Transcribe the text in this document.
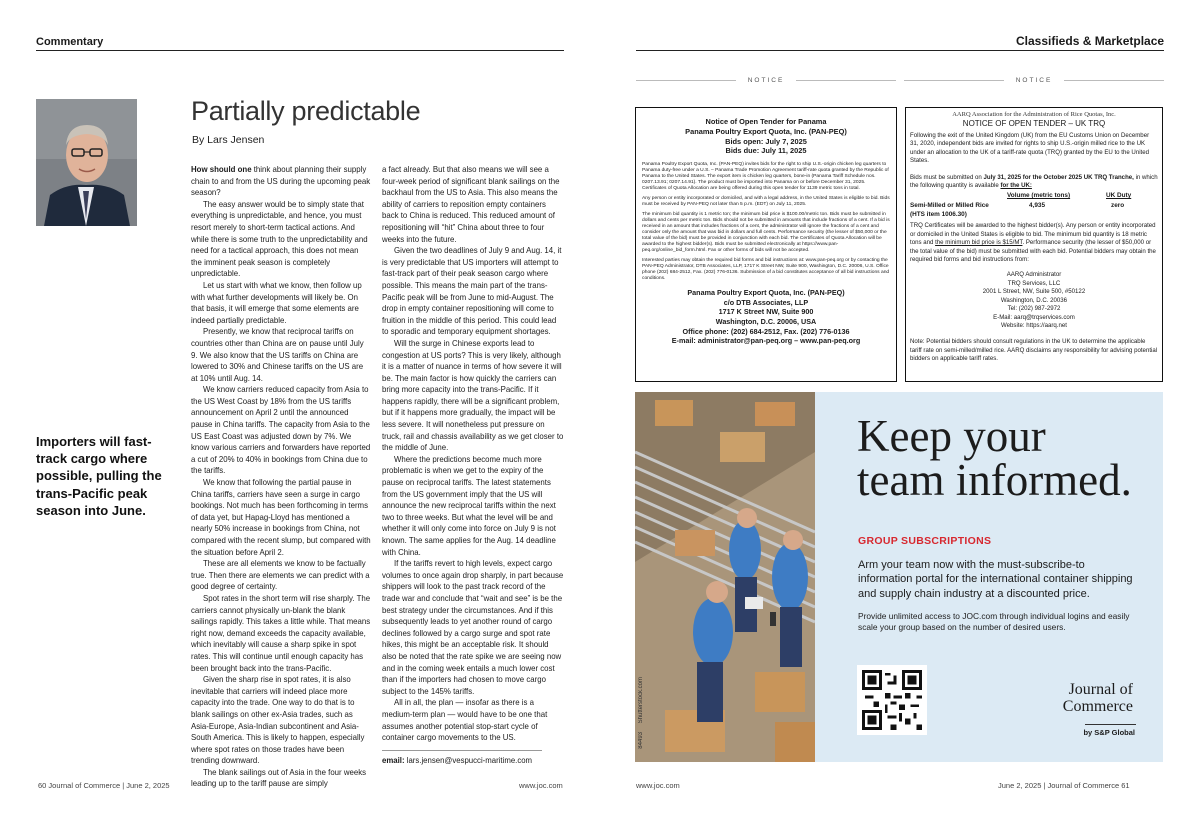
Commentary
Partially predictable
By Lars Jensen
Importers will fast-track cargo where possible, pulling the trans-Pacific peak season into June.

How should one think about planning their supply chain to and from the US during the upcoming peak season?

The easy answer would be to simply state that everything is unpredictable, and hence, you must resort merely to short-term tactical actions. And while there is some truth to the unpredictability and need for a tactical approach, this does not mean the imminent peak season is completely unpredictable.

Let us start with what we know, then follow up with what further developments will likely be. On that basis, it will emerge that some elements are indeed partially predictable.

Presently, we know that reciprocal tariffs on countries other than China are on pause until July 9. We also know that the US tariffs on China are lowered to 30% and Chinese tariffs on the US are at 10% until Aug. 14.

We know carriers reduced capacity from Asia to the US West Coast by 18% from the US tariffs announcement on April 2 until the announced pause in China tariffs. The capacity from Asia to the US East Coast was adjusted down by 7%. We know various carriers and forwarders have reported a cut of 20% to 40% in bookings from China due to the tariffs.

We know that following the partial pause in China tariffs, carriers have seen a surge in cargo bookings. Not much has been forthcoming in terms of data yet, but Hapag-Lloyd has mentioned a nearly 50% increase in bookings from China, not compared with the recent slump, but compared with the situation before April 2.

These are all elements we know to be factually true. Then there are elements we can predict with a good degree of certainty.

Spot rates in the short term will rise sharply. The carriers cannot physically un-blank the blank sailings rapidly. This takes a little while. That means right now, demand exceeds the capacity available, which inevitably will cause a sharp spike in spot rates. This will continue until enough capacity has been brought back into the trans-Pacific.

Given the sharp rise in spot rates, it is also inevitable that carriers will indeed place more capacity into the trade. One way to do that is to blank sailings on other ex-Asia trades, such as Asia-Europe, Asia-Indian subcontinent and Asia-South America. This is likely to happen, especially where spot rates on those trades have been trending downward.

The blank sailings out of Asia in the four weeks leading up to the tariff pause are simply

a fact already. But that also means we will see a four-week period of significant blank sailings on the backhaul from the US to Asia. This also means the ability of carriers to reposition empty containers back to China is reduced. This reduced amount of repositioning will “hit” China about three to four weeks into the future.

Given the two deadlines of July 9 and Aug. 14, it is very predictable that US importers will attempt to fast-track part of their peak season cargo where possible. This means the main part of the trans-Pacific peak will be from June to mid-August. The drop in empty container repositioning will come to fruition in the middle of this period. This could lead to sporadic and temporary equipment shortages.

Will the surge in Chinese exports lead to congestion at US ports? This is very likely, although it is a matter of nuance in terms of how severe it will be. The main factor is how quickly the carriers can bring more capacity into the trans-Pacific. If it happens rapidly, there will be a significant problem, but if it happens more gradually, the impact will be less severe. It will nonetheless put pressure on truck, rail and chassis availability as we get closer to the middle of June.

Where the predictions become much more problematic is when we get to the expiry of the pause on reciprocal tariffs. The latest statements from the US government imply that the US will announce the new reciprocal tariffs within the next two to three weeks. But what the level will be and whether it will only come into force on July 9 is not known. The same applies for the Aug. 14 deadline with China.

If the tariffs revert to high levels, expect cargo volumes to once again drop sharply, in part because shippers will look to the past track record of the trade war and conclude that “wait and see” is be the best strategy under the circumstances. And if this subsequently leads to yet another round of cargo declines followed by a cargo surge and spot rate hikes, this might be an acceptable risk. It should also be noted that the rate spike we are seeing now and in the coming week entails a much lower cost than if the importers had chosen to move cargo subject to the 145% tariffs.

All in all, the plan — insofar as there is a medium-term plan — would have to be one that assumes another potential stop-start cycle of container cargo movements to the US.

email: lars.jensen@vespucci-maritime.com
60 Journal of Commerce | June 2, 2025	www.joc.com
Classifieds & Marketplace
NOTICE	NOTICE
Notice of Open Tender for Panama
Panama Poultry Export Quota, Inc. (PAN-PEQ)
Bids open: July 7, 2025
Bids due: July 11, 2025
Panama Poultry Export Quota, Inc. (PAN-PEQ) invites bids for the right to ship U.S.-origin chicken leg quarters to Panama duty-free under a U.S. – Panama Trade Promotion Agreement tariff-rate quota granted by the Republic of Panama to the United States. The export item is chicken leg quarters, bone-in (Panama Tariff Schedule nos. 0207.13.91; 0207.14.91). The product must be imported into Panama on or before December 31, 2025. Certificates of Quota Allocation are being offered during this open tender for 1139 metric tons in total.
Any person or entity incorporated or domiciled, and with a legal address, in the United States is eligible to bid. Bids must be received by PAN-PEQ not later than 5 p.m. (EDT) on July 11, 2025.
The minimum bid quantity is 1 metric ton; the minimum bid price is $100.00/metric ton. Bids must be submitted in dollars and cents per metric ton. Bids should not be submitted in amounts that include fractions of a cent. If a bid is received in an amount that includes fractions of a cent, the administrator will ignore the fractions of a cent and consider only the amount that was bid in dollars and full cents. Performance security (the lesser of $50,000 or the total value of the bid) must be provided in conjunction with each bid. The Certificates of Quota Allocation will be awarded to the highest bidder(s). Bids must be submitted electronically at https://www.pan-peq.org/online_bid_form.html. Fax or other forms of bids will not be accepted.
Interested parties may obtain the required bid forms and bid instructions at: www.pan-peq.org or by contacting the PAN-PEQ Administrator, DTB Associates, LLP, 1717 K Street NW, Suite 900, Washington, D.C. 20006, U.S. Office phone (202) 684-2512, Fax. (202) 776-0136. Submission of a bid constitutes acceptance of all bid instructions and conditions.
Panama Poultry Export Quota, Inc. (PAN-PEQ)
c/o DTB Associates, LLP
1717 K Street NW, Suite 900
Washington, D.C. 20006, USA
Office phone: (202) 684-2512, Fax. (202) 776-0136
E-mail: administrator@pan-peq.org – www.pan-peq.org
AARQ Association for the Administration of Rice Quotas, Inc.
NOTICE OF OPEN TENDER – UK TRQ
Following the exit of the United Kingdom (UK) from the EU Customs Union on December 31, 2020, independent bids are invited for rights to ship U.S.-origin milled rice to the UK under an allocation to the UK of a tariff-rate quota (TRQ) granted by the EU to the United States.
Bids must be submitted on July 31, 2025 for the October 2025 UK TRQ Tranche, in which the following quantity is available for the UK:
Volume (metric tons)	UK Duty
Semi-Milled or Milled Rice	4,935	zero
(HTS item 1006.30)
TRQ Certificates will be awarded to the highest bidder(s). Any person or entity incorporated or domiciled in the United States is eligible to bid. The minimum bid quantity is 18 metric tons and the minimum bid price is $15/MT. Performance security (the lesser of $50,000 or the total value of the bid) must be submitted with each bid. Potential bidders may obtain the required bid forms and bid instructions from:
AARQ Administrator
TRQ Services, LLC
2001 L Street, NW, Suite 500, #50122
Washington, D.C. 20036
Tel: (202) 987-2972
E-Mail: aarq@trqservices.com
Website: https://aarq.net
Note: Potential bidders should consult regulations in the UK to determine the applicable tariff rate on semi-milled/milled rice. AARQ disclaims any responsibility for advising potential bidders on applicable tariff rates.
Shutterstock.com
84493
Keep your
team informed.
GROUP SUBSCRIPTIONS
Arm your team now with the must-subscribe-to information portal for the international container shipping and supply chain industry at a discounted price.
Provide unlimited access to JOC.com through individual logins and easily scale your group based on the number of desired users.
Journal of
Commerce
by S&P Global
www.joc.com	June 2, 2025 | Journal of Commerce 61
